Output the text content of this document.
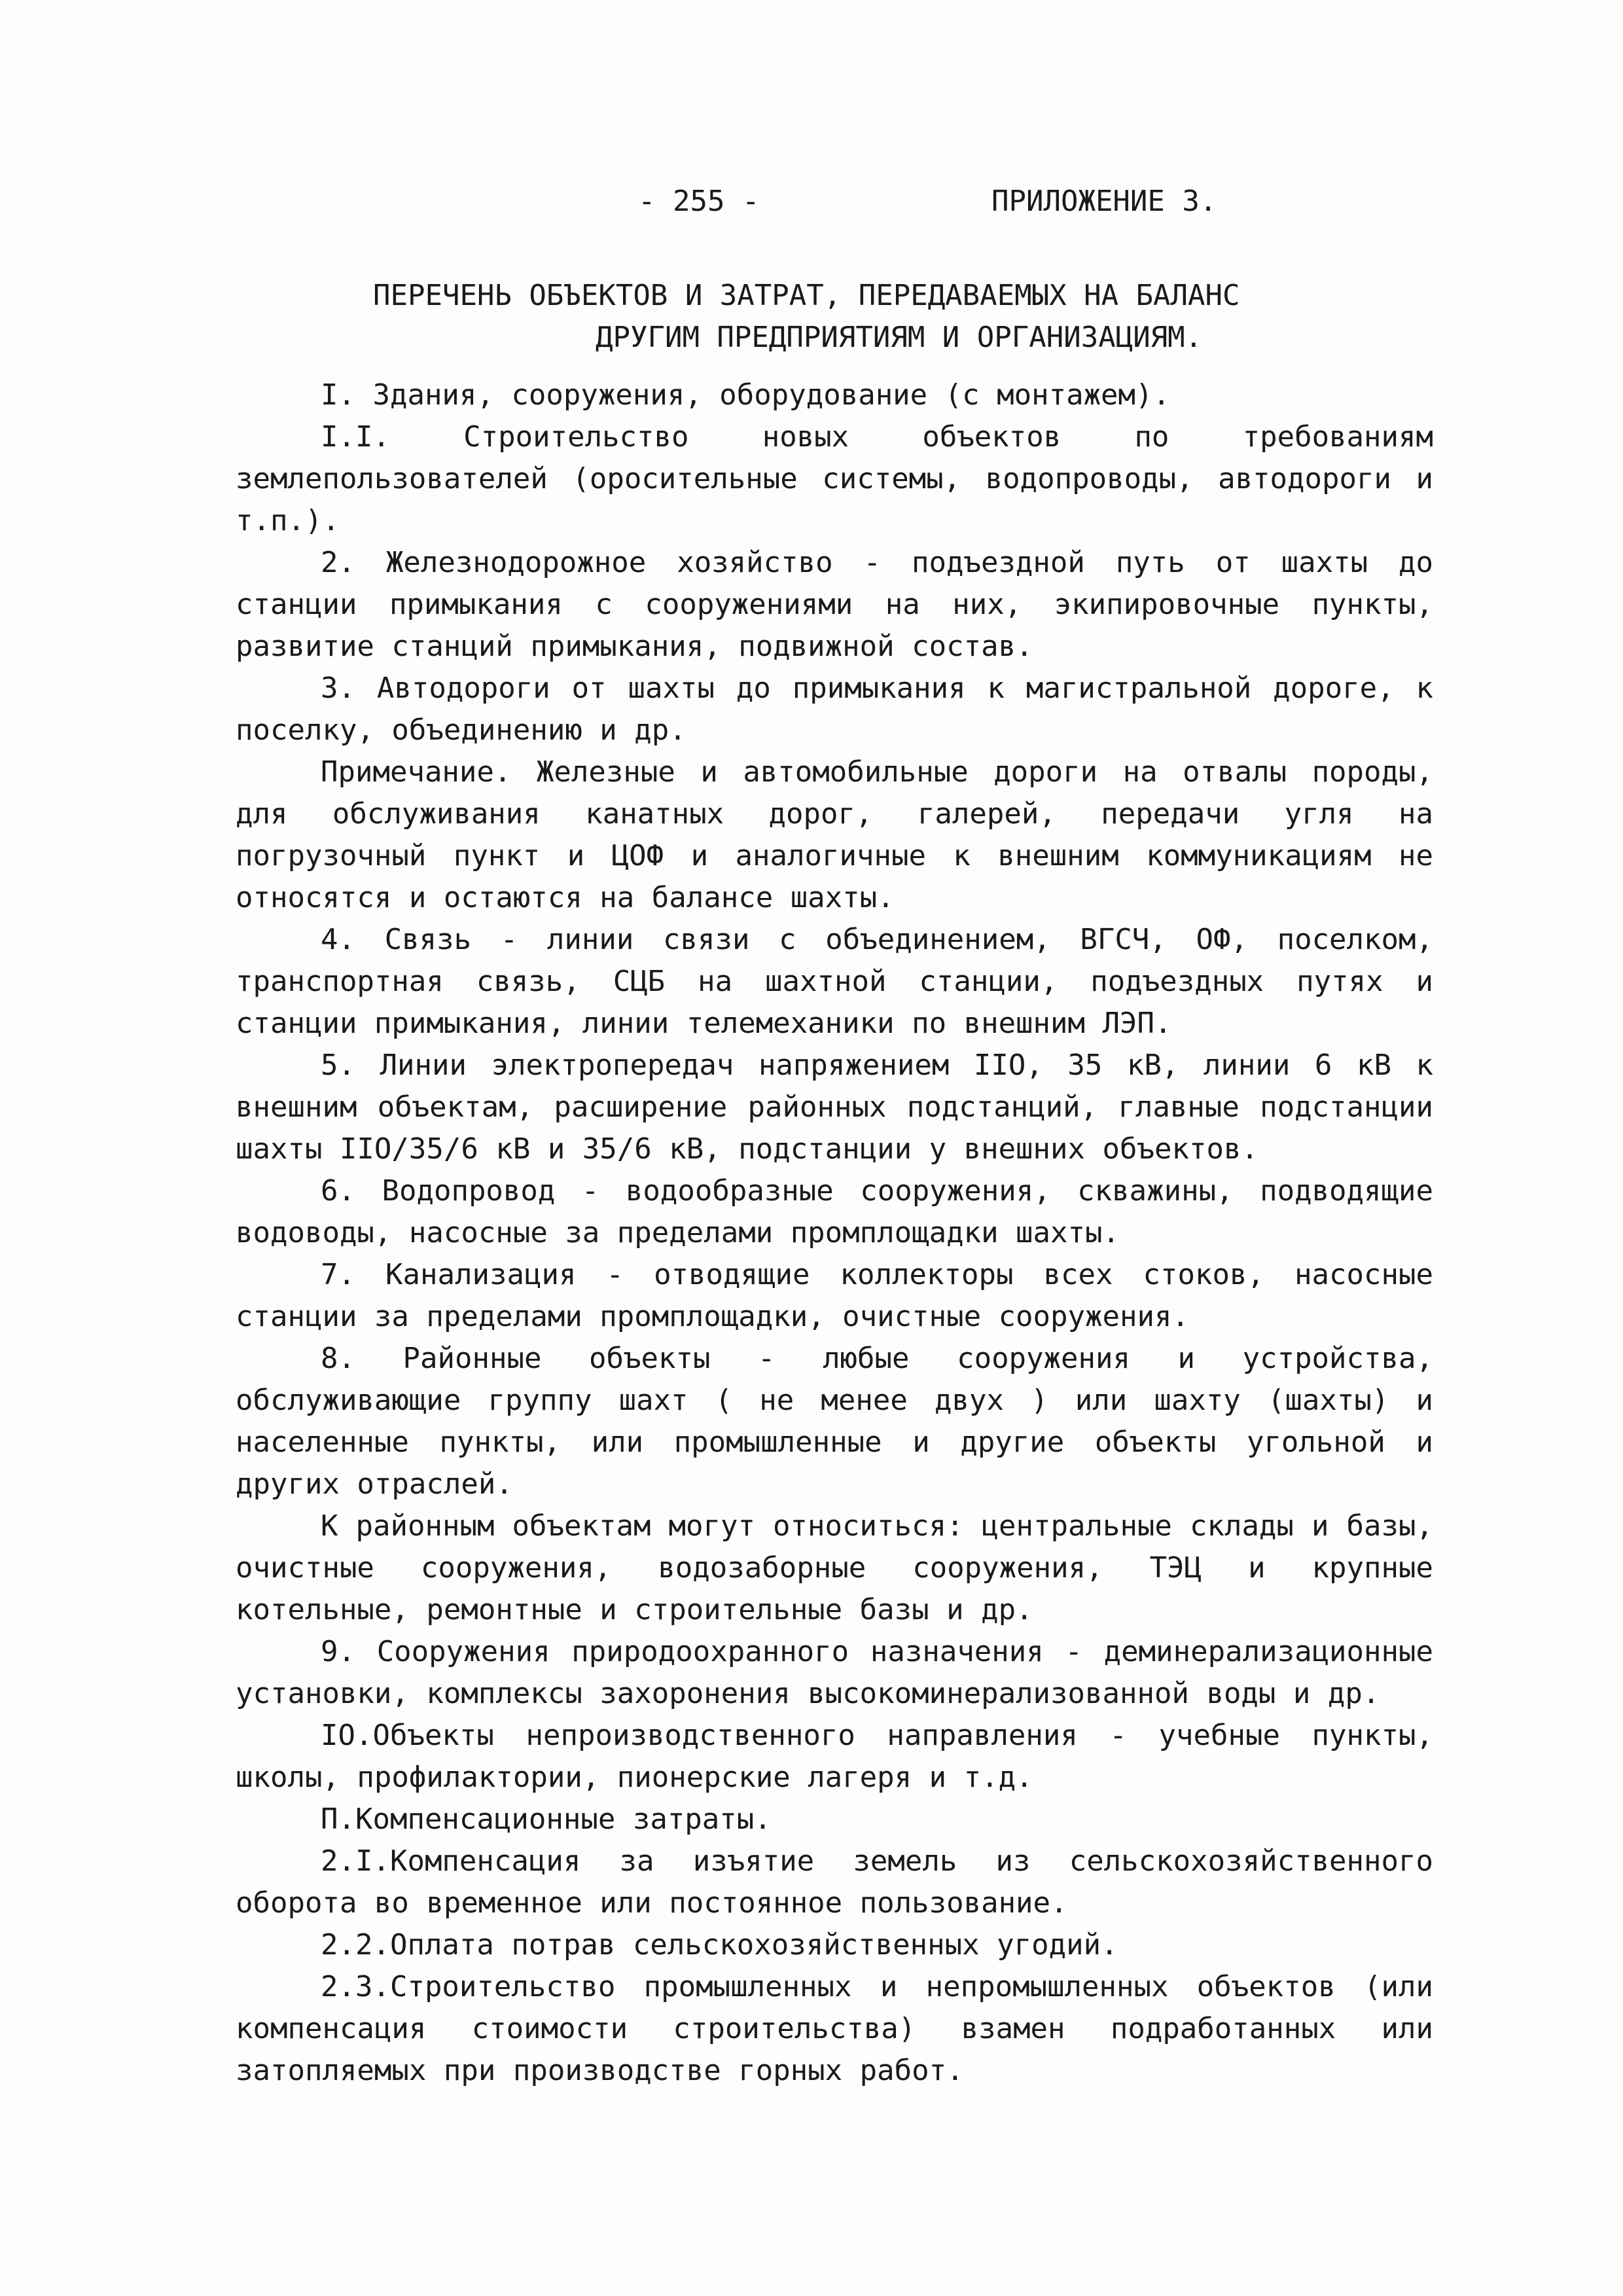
- 255 -	ПРИЛОЖЕНИЕ 3.
ПЕРЕЧЕНЬ ОБЪЕКТОВ И ЗАТРАТ, ПЕРЕДАВАЕМЫХ НА БАЛАНС
ДРУГИМ ПРЕДПРИЯТИЯМ И ОРГАНИЗАЦИЯМ.

I. Здания, сооружения, оборудование (с монтажем).

I.I. Строительство новых объектов по требованиям землепользователей (оросительные системы, водопроводы, автодороги и т.п.).

2. Железнодорожное хозяйство - подъездной путь от шахты до станции примыкания с сооружениями на них, экипировочные пункты, развитие станций примыкания, подвижной состав.

3. Автодороги от шахты до примыкания к магистральной дороге, к поселку, объединению и др.

Примечание. Железные и автомобильные дороги на отвалы породы, для обслуживания канатных дорог, галерей, передачи угля на погрузочный пункт и ЦОФ и аналогичные к внешним коммуникациям не относятся и остаются на балансе шахты.

4. Связь - линии связи с объединением, ВГСЧ, ОФ, поселком, транспортная связь, СЦБ на шахтной станции, подъездных путях и станции примыкания, линии телемеханики по внешним ЛЭП.

5. Линии электропередач напряжением IIO, 35 кВ, линии 6 кВ к внешним объектам, расширение районных подстанций, главные подстанции шахты IIO/35/6 кВ и 35/6 кВ, подстанции у внешних объектов.

6. Водопровод - водообразные сооружения, скважины, подводящие водоводы, насосные за пределами промплощадки шахты.

7. Канализация - отводящие коллекторы всех стоков, насосные станции за пределами промплощадки, очистные сооружения.

8. Районные объекты - любые сооружения и устройства, обслуживающие группу шахт ( не менее двух ) или шахту (шахты) и населенные пункты, или промышленные и другие объекты угольной и других отраслей.

К районным объектам могут относиться: центральные склады и базы, очистные сооружения, водозаборные сооружения, ТЭЦ и крупные котельные, ремонтные и строительные базы и др.

9. Сооружения природоохранного назначения - деминерализационные установки, комплексы захоронения высокоминерализованной воды и др.

IO.Объекты непроизводственного направления - учебные пункты, школы, профилактории, пионерские лагеря и т.д.

П.Компенсационные затраты.

2.I.Компенсация за изъятие земель из сельскохозяйственного оборота во временное или постоянное пользование.

2.2.Оплата потрав сельскохозяйственных угодий.

2.3.Строительство промышленных и непромышленных объектов (или компенсация стоимости строительства) взамен подработанных или затопляемых при производстве горных работ.
